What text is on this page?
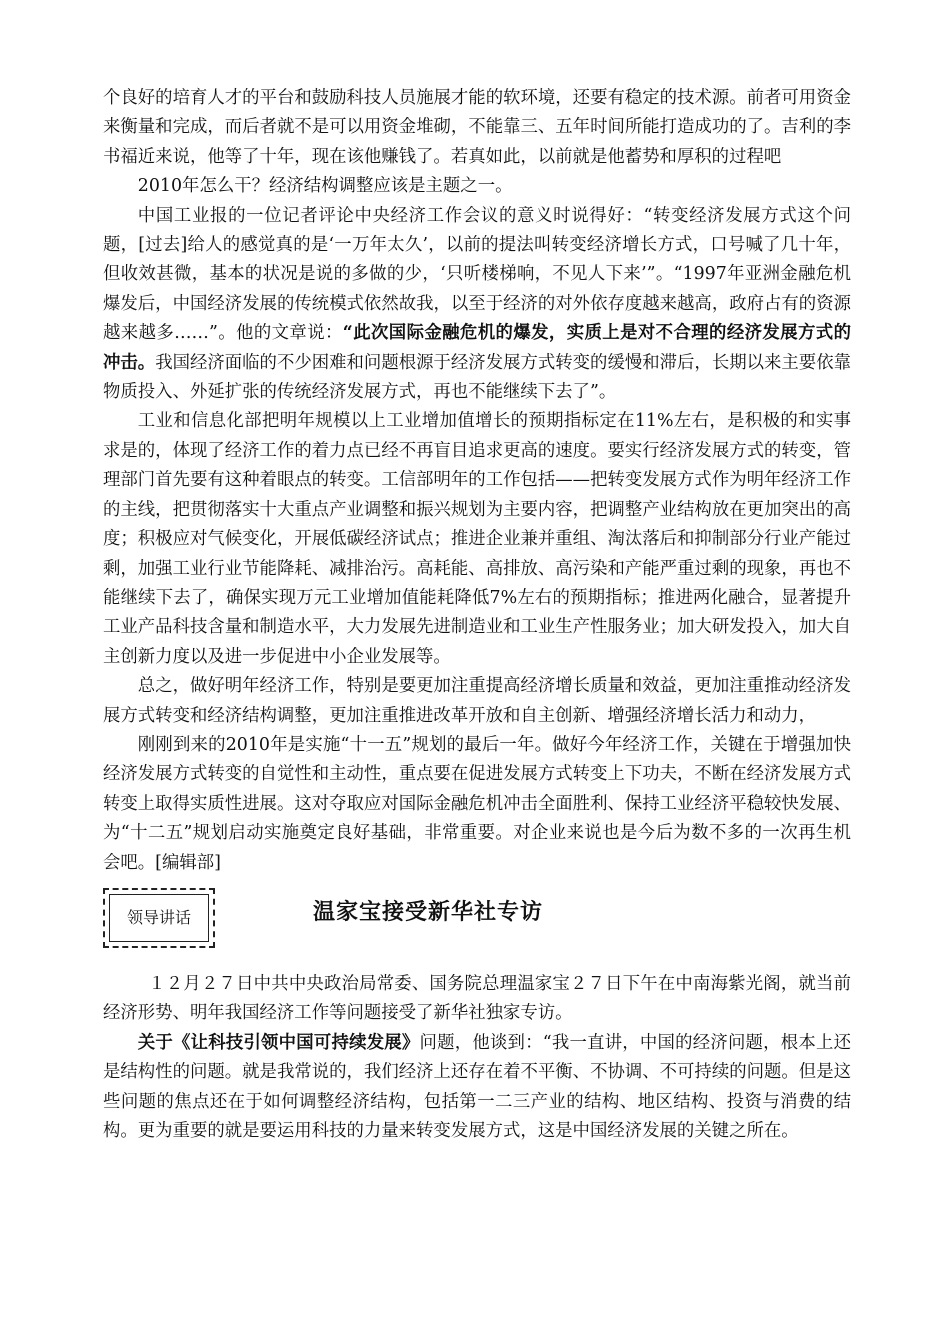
个良好的培育人才的平台和鼓励科技人员施展才能的软环境，还要有稳定的技术源。前者可用资金来衡量和完成，而后者就不是可以用资金堆砌，不能靠三、五年时间所能打造成功的了。吉利的李书福近来说，他等了十年，现在该他赚钱了。若真如此，以前就是他蓄势和厚积的过程吧

2010年怎么干？经济结构调整应该是主题之一。

中国工业报的一位记者评论中央经济工作会议的意义时说得好：“转变经济发展方式这个问题，[过去]给人的感觉真的是‘一万年太久’，以前的提法叫转变经济增长方式，口号喊了几十年，但收效甚微，基本的状况是说的多做的少，‘只听楼梯响，不见人下来’”。“1997年亚洲金融危机爆发后，中国经济发展的传统模式依然故我，以至于经济的对外依存度越来越高，政府占有的资源越来越多……”。他的文章说：“此次国际金融危机的爆发，实质上是对不合理的经济发展方式的冲击。我国经济面临的不少困难和问题根源于经济发展方式转变的缓慢和滞后，长期以来主要依靠物质投入、外延扩张的传统经济发展方式，再也不能继续下去了”。

工业和信息化部把明年规模以上工业增加值增长的预期指标定在11%左右，是积极的和实事求是的，体现了经济工作的着力点已经不再盲目追求更高的速度。要实行经济发展方式的转变，管理部门首先要有这种着眼点的转变。工信部明年的工作包括——把转变发展方式作为明年经济工作的主线，把贯彻落实十大重点产业调整和振兴规划为主要内容，把调整产业结构放在更加突出的高度；积极应对气候变化，开展低碳经济试点；推进企业兼并重组、淘汰落后和抑制部分行业产能过剩，加强工业行业节能降耗、减排治污。高耗能、高排放、高污染和产能严重过剩的现象，再也不能继续下去了，确保实现万元工业增加值能耗降低7%左右的预期指标；推进两化融合，显著提升工业产品科技含量和制造水平，大力发展先进制造业和工业生产性服务业；加大研发投入，加大自主创新力度以及进一步促进中小企业发展等。

总之，做好明年经济工作，特别是要更加注重提高经济增长质量和效益，更加注重推动经济发展方式转变和经济结构调整，更加注重推进改革开放和自主创新、增强经济增长活力和动力，

刚刚到来的2010年是实施“十一五”规划的最后一年。做好今年经济工作，关键在于增强加快经济发展方式转变的自觉性和主动性，重点要在促进发展方式转变上下功夫，不断在经济发展方式转变上取得实质性进展。这对夺取应对国际金融危机冲击全面胜利、保持工业经济平稳较快发展、为“十二五”规划启动实施奠定良好基础，非常重要。对企业来说也是今后为数不多的一次再生机会吧。[编辑部]

领导讲话	温家宝接受新华社专访

１２月２７日中共中央政治局常委、国务院总理温家宝２７日下午在中南海紫光阁，就当前经济形势、明年我国经济工作等问题接受了新华社独家专访。

关于《让科技引领中国可持续发展》问题，他谈到：“我一直讲，中国的经济问题，根本上还是结构性的问题。就是我常说的，我们经济上还存在着不平衡、不协调、不可持续的问题。但是这些问题的焦点还在于如何调整经济结构，包括第一二三产业的结构、地区结构、投资与消费的结构。更为重要的就是要运用科技的力量来转变发展方式，这是中国经济发展的关键之所在。
